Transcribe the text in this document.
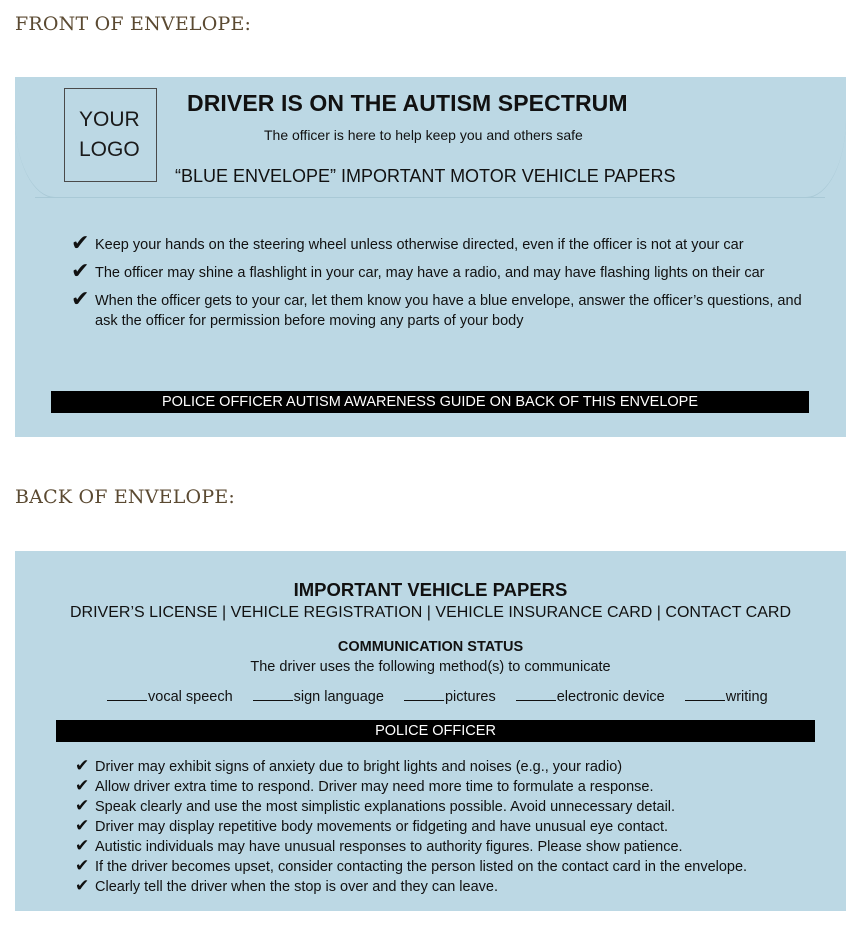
FRONT OF ENVELOPE:
YOUR
LOGO
DRIVER IS ON THE AUTISM SPECTRUM
The officer is here to help keep you and others safe
“BLUE ENVELOPE” IMPORTANT MOTOR VEHICLE PAPERS
✔ Keep your hands on the steering wheel unless otherwise directed, even if the officer is not at your car
✔ The officer may shine a flashlight in your car, may have a radio, and may have flashing lights on their car
✔ When the officer gets to your car, let them know you have a blue envelope, answer the officer’s questions, and ask the officer for permission before moving any parts of your body
POLICE OFFICER AUTISM AWARENESS GUIDE ON BACK OF THIS ENVELOPE
BACK OF ENVELOPE:
IMPORTANT VEHICLE PAPERS
DRIVER’S LICENSE | VEHICLE REGISTRATION | VEHICLE INSURANCE CARD | CONTACT CARD
COMMUNICATION STATUS
The driver uses the following method(s) to communicate
vocal speech	sign language	pictures	electronic device	writing
POLICE OFFICER
✔ Driver may exhibit signs of anxiety due to bright lights and noises (e.g., your radio)
✔ Allow driver extra time to respond. Driver may need more time to formulate a response.
✔ Speak clearly and use the most simplistic explanations possible. Avoid unnecessary detail.
✔ Driver may display repetitive body movements or fidgeting and have unusual eye contact.
✔ Autistic individuals may have unusual responses to authority figures. Please show patience.
✔ If the driver becomes upset, consider contacting the person listed on the contact card in the envelope.
✔ Clearly tell the driver when the stop is over and they can leave.
